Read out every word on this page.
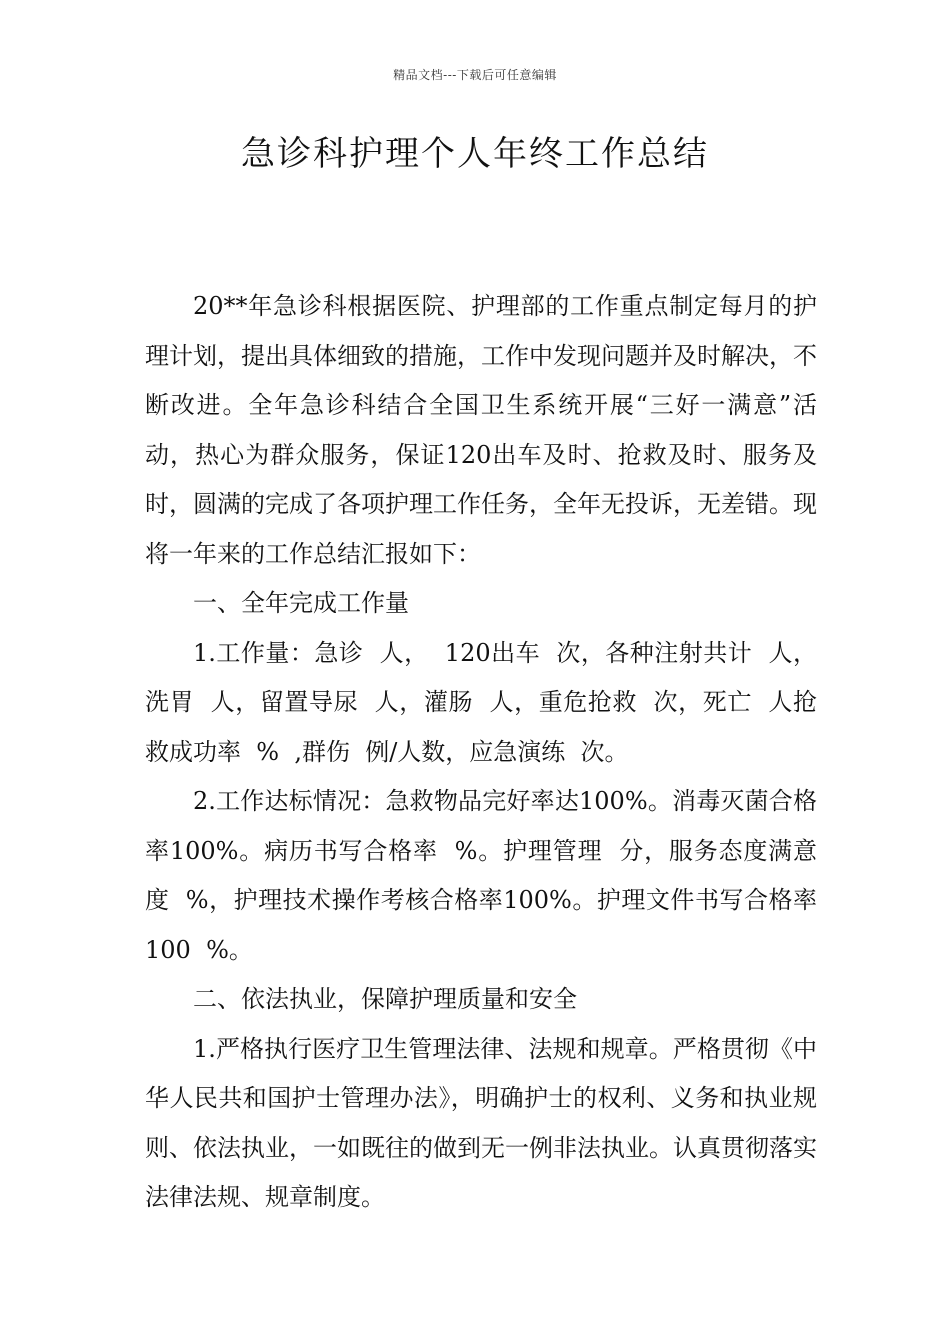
精品文档---下载后可任意编辑
急诊科护理个人年终工作总结

20**年急诊科根据医院、护理部的工作重点制定每月的护理计划，提出具体细致的措施，工作中发现问题并及时解决，不断改进。全年急诊科结合全国卫生系统开展“三好一满意”活动，热心为群众服务，保证120出车及时、抢救及时、服务及时，圆满的完成了各项护理工作任务，全年无投诉，无差错。现将一年来的工作总结汇报如下：

一、全年完成工作量

1.工作量：急诊  人，  120出车  次，各种注射共计  人，洗胃  人，留置导尿  人，灌肠  人，重危抢救  次，死亡  人抢救成功率  %  ,群伤  例/人数，应急演练  次。

2.工作达标情况：急救物品完好率达100%。消毒灭菌合格率100%。病历书写合格率  %。护理管理  分，服务态度满意度  %，护理技术操作考核合格率100%。护理文件书写合格率100  %。

二、依法执业，保障护理质量和安全

1.严格执行医疗卫生管理法律、法规和规章。严格贯彻《中华人民共和国护士管理办法》，明确护士的权利、义务和执业规则、依法执业，一如既往的做到无一例非法执业。认真贯彻落实法律法规、规章制度。
